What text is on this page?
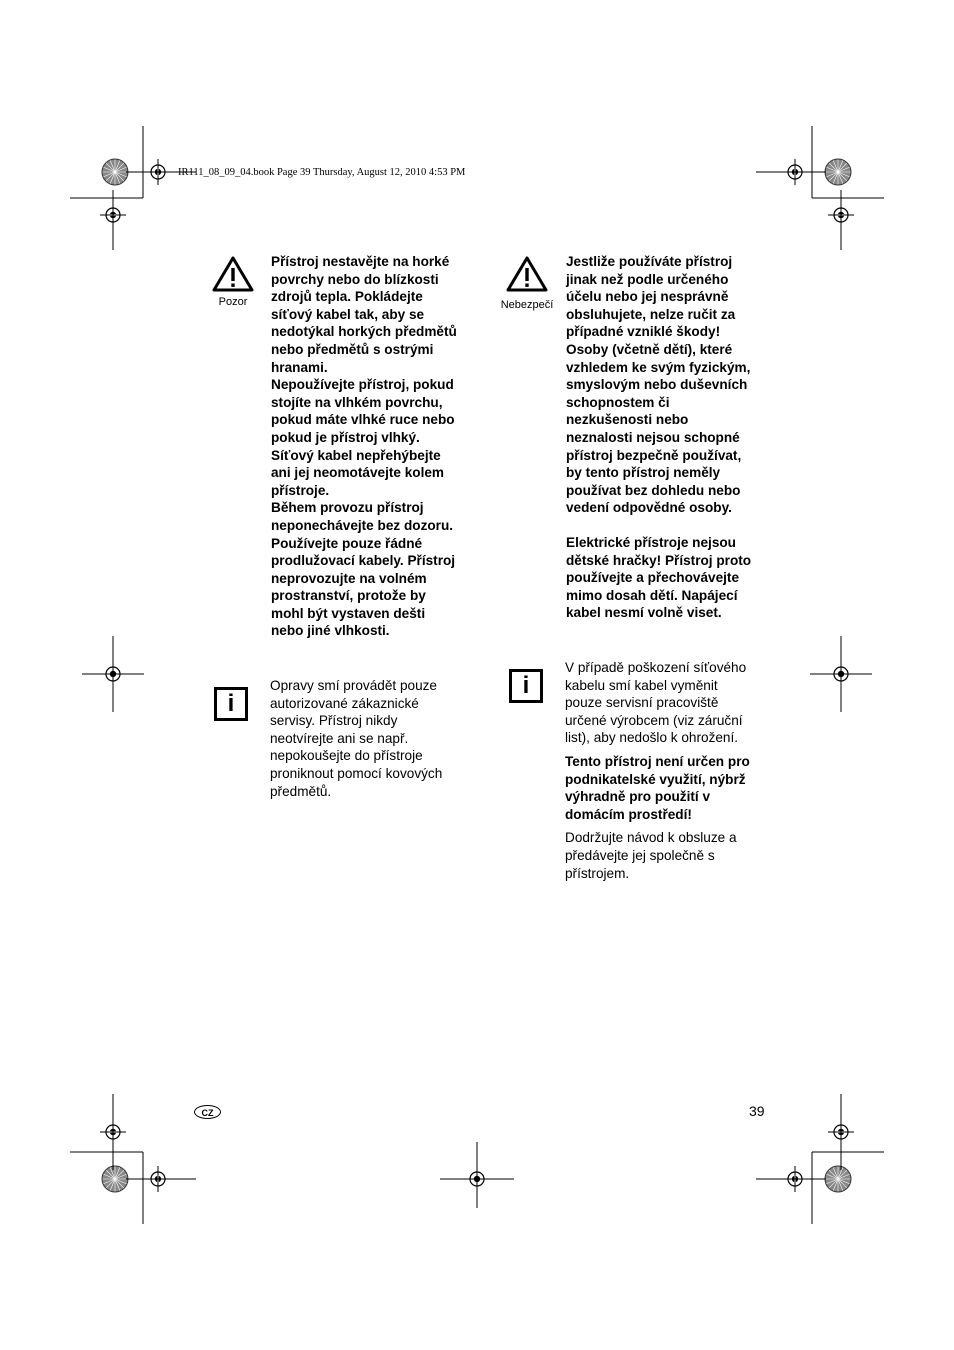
IR111_08_09_04.book Page 39 Thursday, August 12, 2010 4:53 PM
Pozor
Přístroj nestavějte na horké
povrchy nebo do blízkosti
zdrojů tepla. Pokládejte
síťový kabel tak, aby se
nedotýkal horkých předmětů
nebo předmětů s ostrými
hranami.
Nepoužívejte přístroj, pokud
stojíte na vlhkém povrchu,
pokud máte vlhké ruce nebo
pokud je přístroj vlhký.
Síťový kabel nepřehýbejte
ani jej neomotávejte kolem
přístroje.
Během provozu přístroj
neponechávejte bez dozoru.
Používejte pouze řádné
prodlužovací kabely. Přístroj
neprovozujte na volném
prostranství, protože by
mohl být vystaven dešti
nebo jiné vlhkosti.
Nebezpečí
Jestliže používáte přístroj
jinak než podle určeného
účelu nebo jej nesprávně
obsluhujete, nelze ručit za
případné vzniklé škody!
Osoby (včetně dětí), které
vzhledem ke svým fyzickým,
smyslovým nebo duševních
schopnostem či
nezkušenosti nebo
neznalosti nejsou schopné
přístroj bezpečně používat,
by tento přístroj neměly
používat bez dohledu nebo
vedení odpovědné osoby.
Elektrické přístroje nejsou
dětské hračky! Přístroj proto
používejte a přechovávejte
mimo dosah dětí. Napájecí
kabel nesmí volně viset.
i
Opravy smí provádět pouze
autorizované zákaznické
servisy. Přístroj nikdy
neotvírejte ani se např.
nepokoušejte do přístroje
proniknout pomocí kovových
předmětů.
i
V případě poškození síťového
kabelu smí kabel vyměnit
pouze servisní pracoviště
určené výrobcem (viz záruční
list), aby nedošlo k ohrožení.
Tento přístroj není určen pro
podnikatelské využití, nýbrž
výhradně pro použití v
domácím prostředí!
Dodržujte návod k obsluze a
předávejte jej společně s
přístrojem.
CZ	39
